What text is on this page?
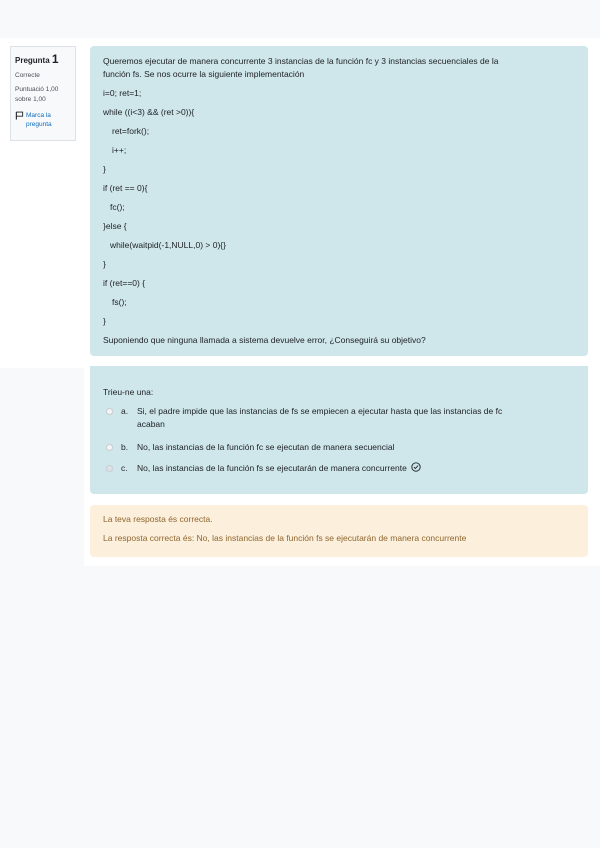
Pregunta 1
Correcte
Puntuació 1,00 sobre 1,00
Marca la pregunta
Queremos ejecutar de manera concurrente 3 instancias de la función fc y 3 instancias secuenciales de la
función fs. Se nos ocurre la siguiente implementación
i=0; ret=1;
while ((i<3) && (ret >0)){
ret=fork();
i++;
}
if (ret == 0){
fc();
}else {
while(waitpid(-1,NULL,0) > 0){}
}
if (ret==0) {
fs();
}
Suponiendo que ninguna llamada a sistema devuelve error, ¿Conseguirá su objetivo?
Trieu-ne una:
a.	Si, el padre impide que las instancias de fs se empiecen a ejecutar hasta que las instancias de fc
acaban
b.	No, las instancias de la función fc se ejecutan de manera secuencial
c.	No, las instancias de la función fs se ejecutarán de manera concurrente
La teva resposta és correcta.
La resposta correcta és: No, las instancias de la función fs se ejecutarán de manera concurrente
